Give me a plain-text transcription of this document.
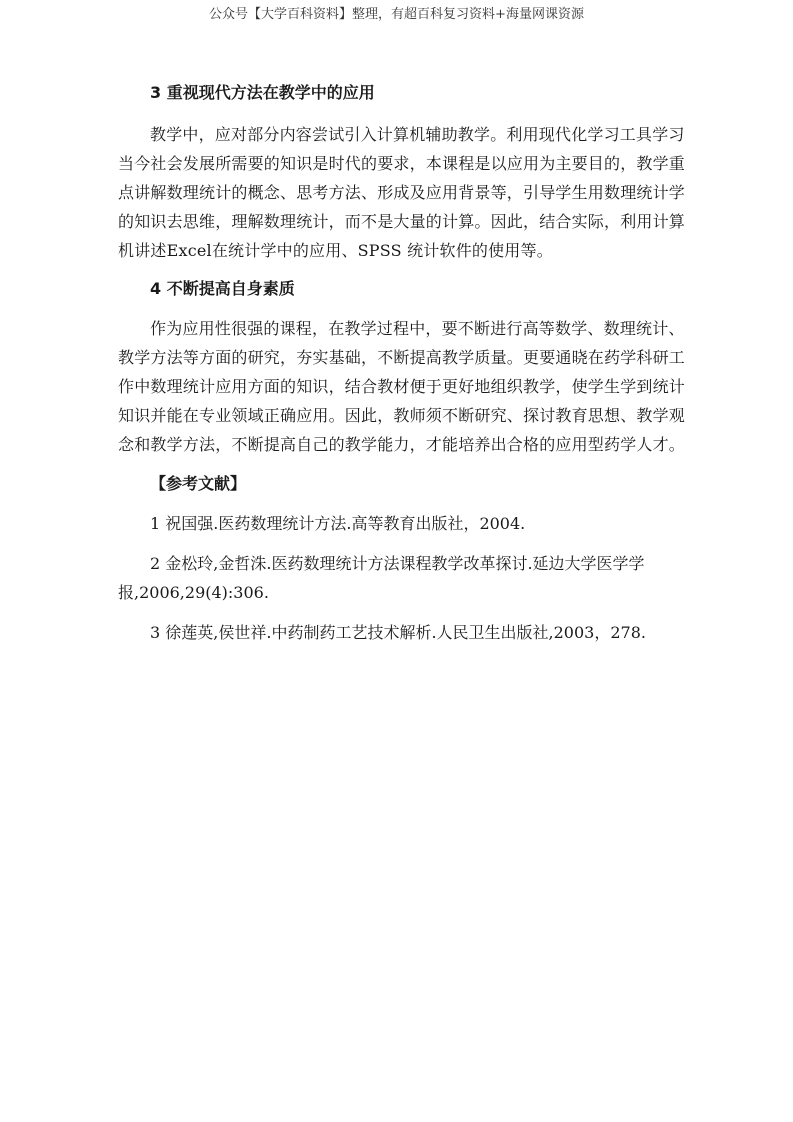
公众号【大学百科资料】整理，有超百科复习资料+海量网课资源
3 重视现代方法在教学中的应用

教学中，应对部分内容尝试引入计算机辅助教学。利用现代化学习工具学习当今社会发展所需要的知识是时代的要求，本课程是以应用为主要目的，教学重点讲解数理统计的概念、思考方法、形成及应用背景等，引导学生用数理统计学的知识去思维，理解数理统计，而不是大量的计算。因此，结合实际，利用计算机讲述Excel在统计学中的应用、SPSS 统计软件的使用等。

4 不断提高自身素质

作为应用性很强的课程，在教学过程中，要不断进行高等数学、数理统计、教学方法等方面的研究，夯实基础，不断提高教学质量。更要通晓在药学科研工作中数理统计应用方面的知识，结合教材便于更好地组织教学，使学生学到统计知识并能在专业领域正确应用。因此，教师须不断研究、探讨教育思想、教学观念和教学方法，不断提高自己的教学能力，才能培养出合格的应用型药学人才。

【参考文献】

1 祝国强.医药数理统计方法.高等教育出版社，2004.

2 金松玲,金哲洙.医药数理统计方法课程教学改革探讨.延边大学医学学报,2006,29(4):306.

3 徐莲英,侯世祥.中药制药工艺技术解析.人民卫生出版社,2003，278.
